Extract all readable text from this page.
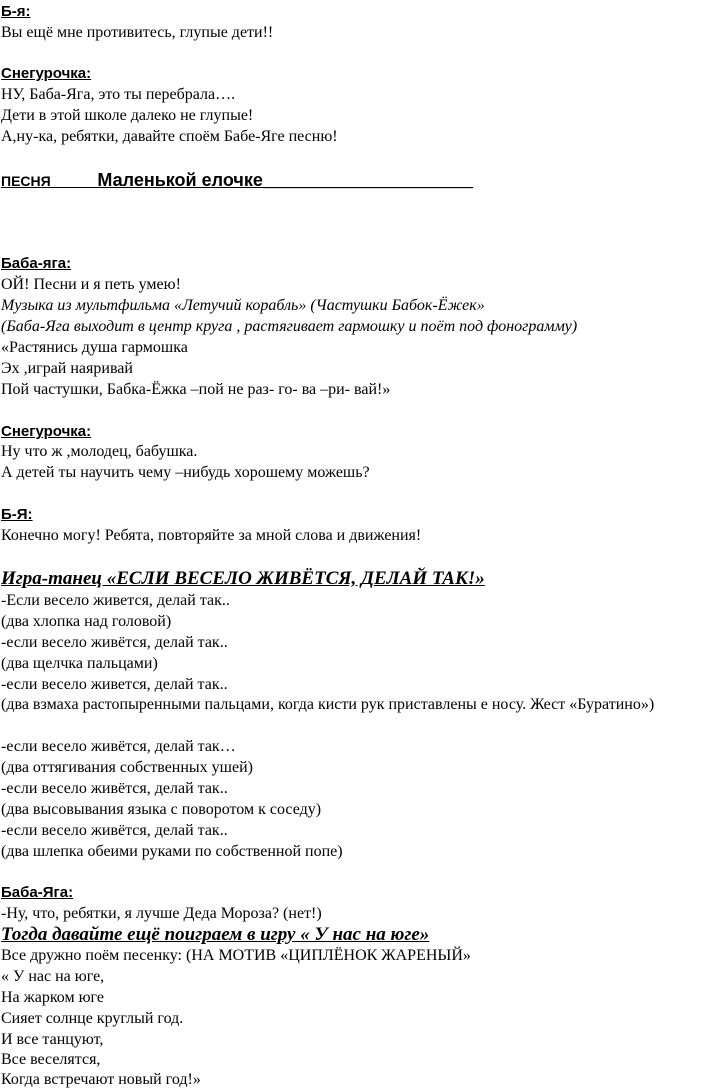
Б-я:
Вы ещё мне противитесь, глупые дети!!
Снегурочка:
НУ, Баба-Яга, это ты перебрала….
Дети в этой школе далеко не глупые!
А,ну-ка, ребятки, давайте споём Бабе-Яге песню!
ПЕСНЯ______Маленькой елочке_____________________
Баба-яга:
ОЙ! Песни и я петь умею!
Музыка из мультфильма «Летучий корабль» (Частушки Бабок-Ёжек»
(Баба-Яга выходит в центр круга , растягивает гармошку и поёт под фонограмму)
«Растянись душа гармошка
Эх ,играй наяривай
Пой частушки, Бабка-Ёжка –пой не раз- го- ва –ри- вай!»
Снегурочка:
Ну что ж ,молодец, бабушка.
А детей ты научить чему –нибудь хорошему можешь?
Б-Я:
Конечно могу! Ребята, повторяйте за мной слова и движения!
Игра-танец «ЕСЛИ ВЕСЕЛО ЖИВЁТСЯ, ДЕЛАЙ ТАК!»
-Если весело живется, делай так..
(два хлопка над головой)
-если весело живётся, делай так..
(два щелчка пальцами)
-если весело живется, делай так..
(два взмаха растопыренными пальцами, когда кисти рук приставлены е носу. Жест «Буратино»)
-если весело живётся, делай так…
(два оттягивания собственных ушей)
-если весело живётся, делай так..
(два высовывания языка с поворотом к соседу)
-если весело живётся, делай так..
(два шлепка обеими руками по собственной попе)
Баба-Яга:
-Ну, что, ребятки, я лучше Деда Мороза? (нет!)
Тогда давайте ещё поиграем в игру « У нас на юге»
Все дружно поём песенку: (НА МОТИВ «ЦИПЛЁНОК ЖАРЕНЫЙ»
« У нас на юге,
На жарком юге
Сияет солнце круглый год.
И все танцуют,
Все веселятся,
Когда встречают новый год!»
